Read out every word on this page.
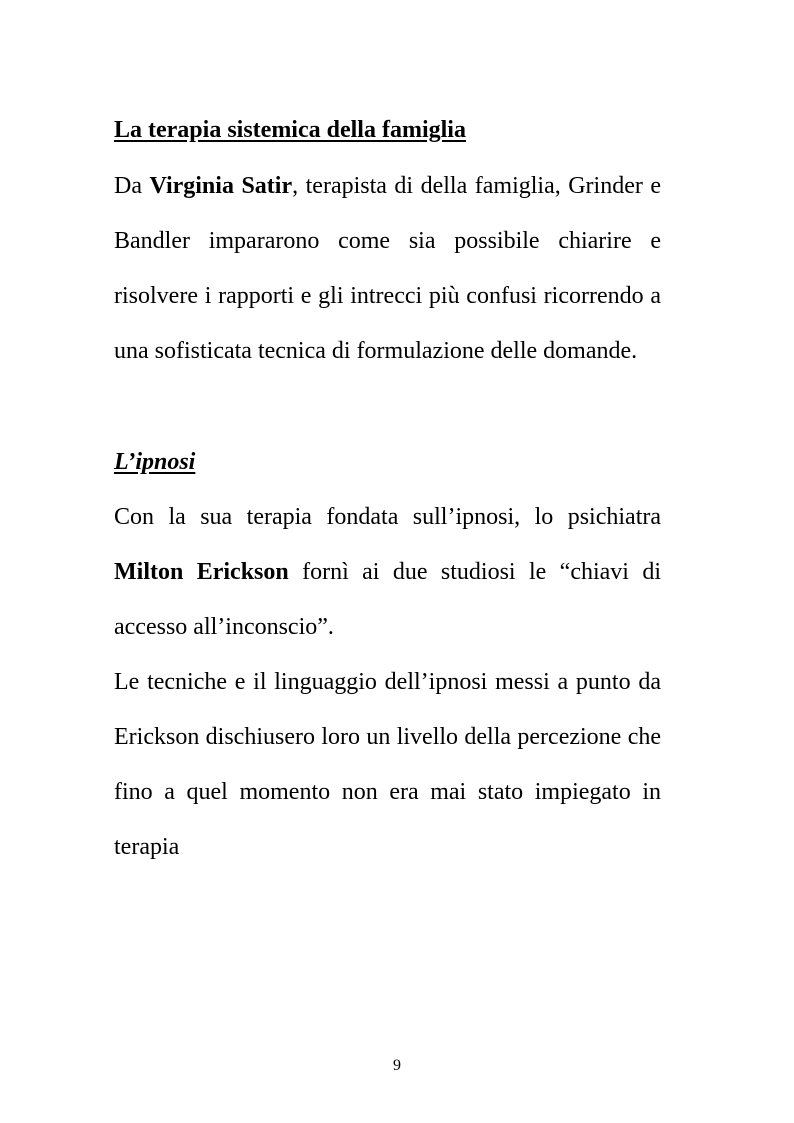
La terapia sistemica della famiglia
Da Virginia Satir, terapista di della famiglia, Grinder e
Bandler impararono come sia possibile chiarire e
risolvere i rapporti e gli intrecci più confusi ricorrendo a
una sofisticata tecnica di formulazione delle domande.
L’ipnosi
Con la sua terapia fondata sull’ipnosi, lo psichiatra
Milton Erickson fornì ai due studiosi le “chiavi di
accesso all’inconscio”.
Le tecniche e il linguaggio dell’ipnosi messi a punto da
Erickson dischiusero loro un livello della percezione che
fino a quel momento non era mai stato impiegato in
terapia
9
